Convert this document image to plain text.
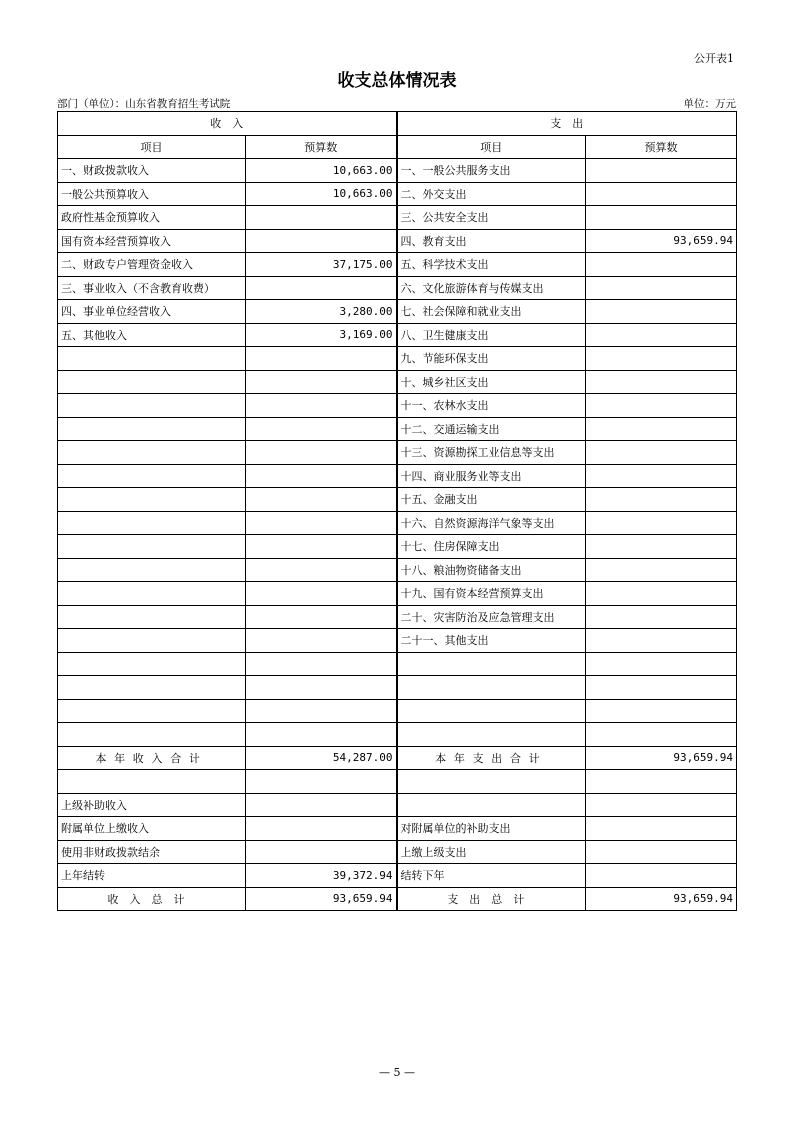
公开表1
收支总体情况表
部门（单位）：山东省教育招生考试院	单位：万元
收　入		支　出	
项目	预算数	项目	预算数
一、财政拨款收入	10,663.00	一、一般公共服务支出	
一般公共预算收入	10,663.00	二、外交支出	
政府性基金预算收入		三、公共安全支出	
国有资本经营预算收入		四、教育支出	93,659.94
二、财政专户管理资金收入	37,175.00	五、科学技术支出	
三、事业收入（不含教育收费）		六、文化旅游体育与传媒支出	
四、事业单位经营收入	3,280.00	七、社会保障和就业支出	
五、其他收入	3,169.00	八、卫生健康支出	
		九、节能环保支出	
		十、城乡社区支出	
		十一、农林水支出	
		十二、交通运输支出	
		十三、资源勘探工业信息等支出	
		十四、商业服务业等支出	
		十五、金融支出	
		十六、自然资源海洋气象等支出	
		十七、住房保障支出	
		十八、粮油物资储备支出	
		十九、国有资本经营预算支出	
		二十、灾害防治及应急管理支出	
		二十一、其他支出	

本年收入合计	54,287.00	本年支出合计	93,659.94

上级补助收入			
附属单位上缴收入		对附属单位的补助支出	
使用非财政拨款结余		上缴上级支出	
上年结转	39,372.94	结转下年	
收入总计	93,659.94	支出总计	93,659.94
— 5 —
